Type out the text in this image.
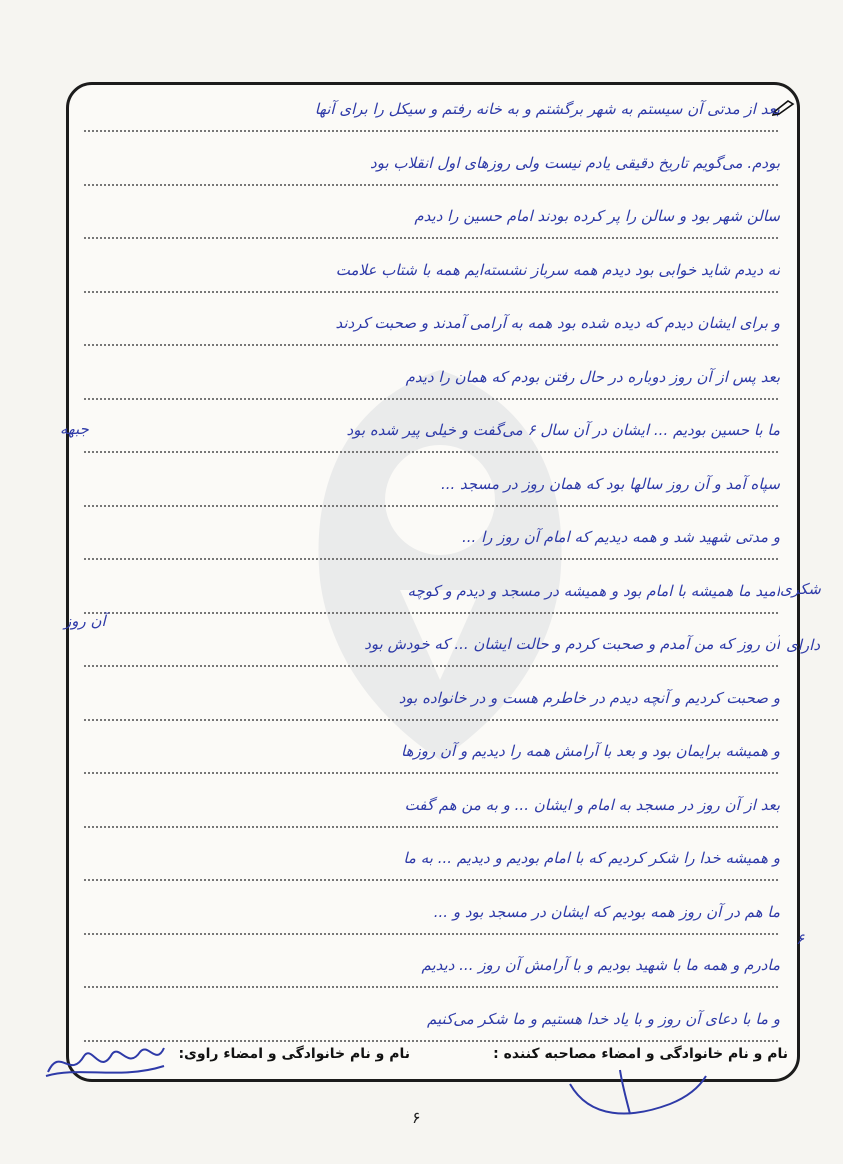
بعد از مدتی آن سیستم به شهر برگشتم و به خانه رفتم و سیکل را برای آنها
بودم. می‌گویم تاریخ دقیقی یادم نیست ولی روزهای اول انقلاب بود
سالن شهر بود و سالن را پر کرده بودند امام حسین را دیدم
نه دیدم شاید خوابی بود دیدم همه سرباز نشسته‌ایم همه با شتاب علامت
و برای ایشان دیدم که دیده شده بود همه به آرامی آمدند و صحبت کردند
بعد پس از آن روز دوباره در حال رفتن بودم که همان را دیدم
ما با حسین بودیم ... ایشان در آن سال ۶ می‌گفت و خیلی پیر شده بود
سپاه آمد و آن روز سالها بود که همان روز در مسجد ...
و مدتی شهید شد و همه دیدیم که امام آن روز را ...
امید ما همیشه با امام بود و همیشه در مسجد و دیدم و کوچه
آن روز که من آمدم و صحبت کردم و حالت ایشان ... که خودش بود
و صحبت کردیم و آنچه دیدم در خاطرم هست و در خانواده بود
و همیشه برایمان بود و بعد با آرامش همه را دیدیم و آن روزها
بعد از آن روز در مسجد به امام و ایشان ... و به من هم گفت
و همیشه خدا را شکر کردیم که با امام بودیم و دیدیم ... به ما
ما هم در آن روز همه بودیم که ایشان در مسجد بود و ...
مادرم و همه ما با شهید بودیم و با آرامش آن روز ... دیدیم
و ما با دعای آن روز و با یاد خدا هستیم و ما شکر می‌کنیم
جبهه
شکری
دارای
آن روز
۶
نام و نام خانوادگی و امضاء مصاحبه کننده :
نام و نام خانوادگی و امضاء راوی:
۶
